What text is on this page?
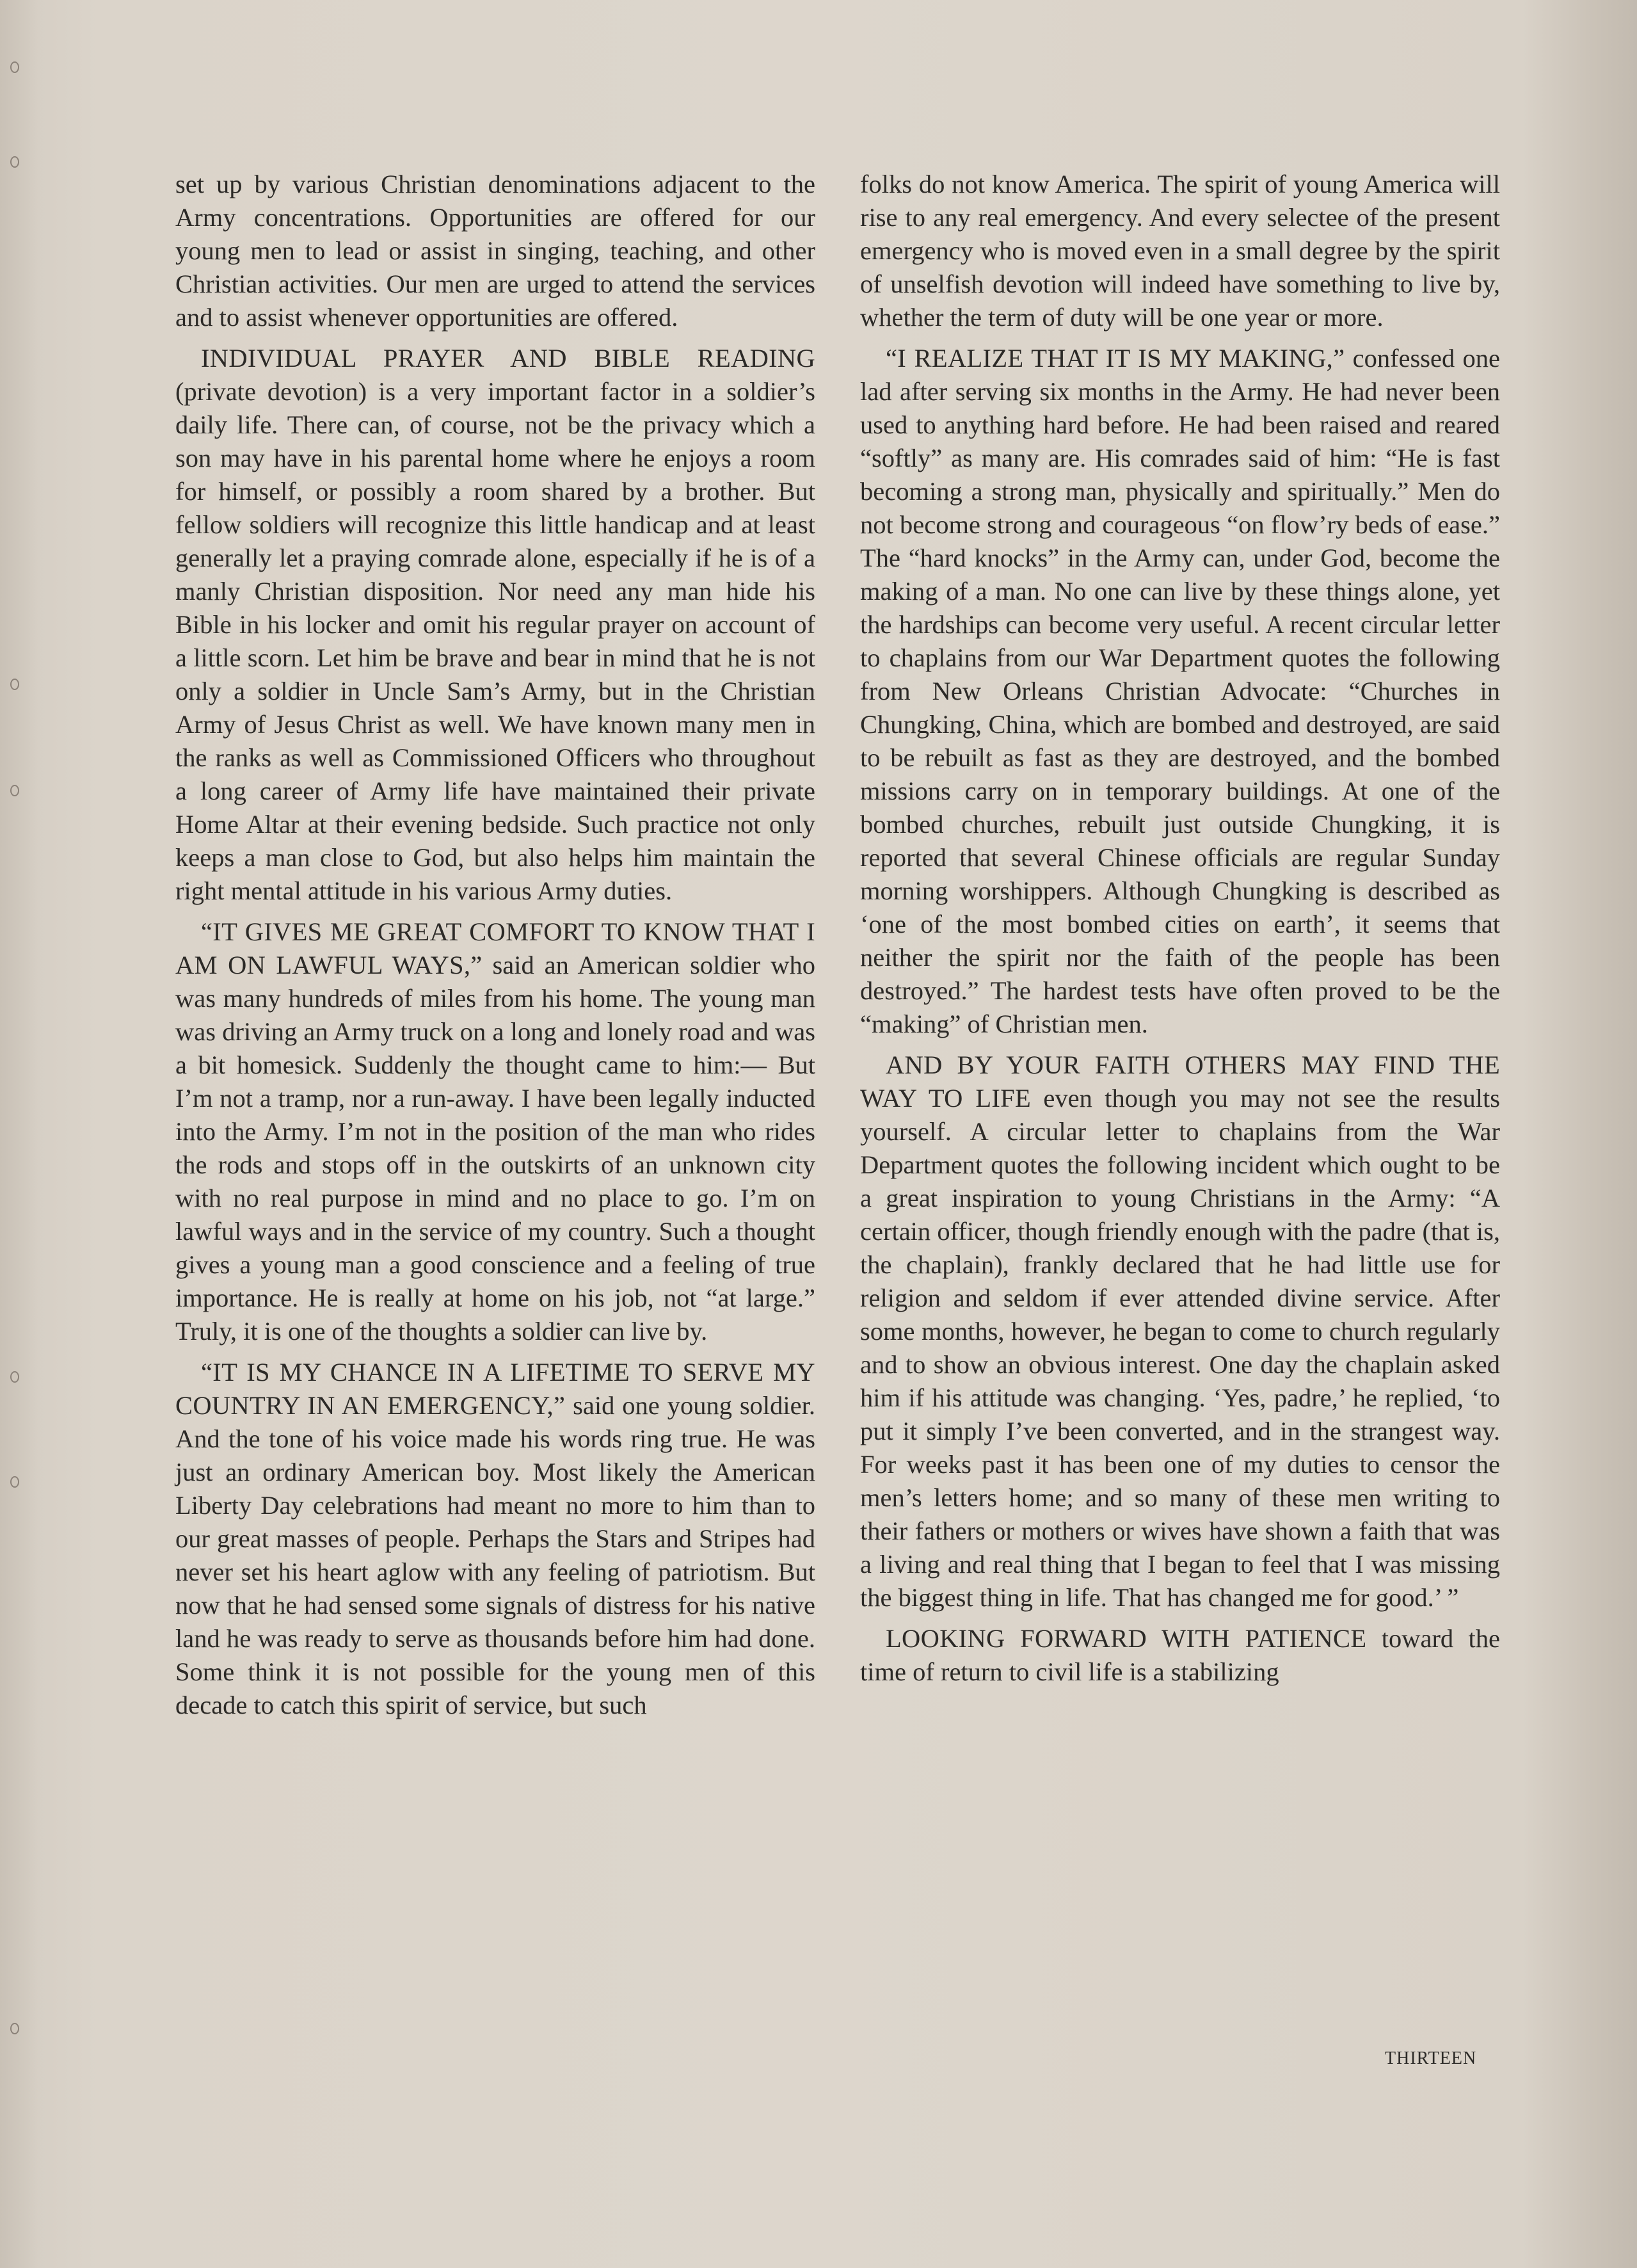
set up by various Christian denominations adjacent to the Army concentrations. Opportunities are offered for our young men to lead or assist in singing, teaching, and other Christian activities. Our men are urged to attend the services and to assist whenever opportunities are offered.

INDIVIDUAL PRAYER AND BIBLE READING (private devotion) is a very important factor in a soldier’s daily life. There can, of course, not be the privacy which a son may have in his parental home where he enjoys a room for himself, or possibly a room shared by a brother. But fellow soldiers will recognize this little handicap and at least generally let a praying comrade alone, especially if he is of a manly Christian disposition. Nor need any man hide his Bible in his locker and omit his regular prayer on account of a little scorn. Let him be brave and bear in mind that he is not only a soldier in Uncle Sam’s Army, but in the Christian Army of Jesus Christ as well. We have known many men in the ranks as well as Commissioned Officers who throughout a long career of Army life have maintained their private Home Altar at their evening bedside. Such practice not only keeps a man close to God, but also helps him maintain the right mental attitude in his various Army duties.

“IT GIVES ME GREAT COMFORT TO KNOW THAT I AM ON LAWFUL WAYS,” said an American soldier who was many hundreds of miles from his home. The young man was driving an Army truck on a long and lonely road and was a bit homesick. Suddenly the thought came to him:— But I’m not a tramp, nor a run-away. I have been legally inducted into the Army. I’m not in the position of the man who rides the rods and stops off in the outskirts of an unknown city with no real purpose in mind and no place to go. I’m on lawful ways and in the service of my country. Such a thought gives a young man a good conscience and a feeling of true importance. He is really at home on his job, not “at large.” Truly, it is one of the thoughts a soldier can live by.

“IT IS MY CHANCE IN A LIFETIME TO SERVE MY COUNTRY IN AN EMERGENCY,” said one young soldier. And the tone of his voice made his words ring true. He was just an ordinary American boy. Most likely the American Liberty Day celebrations had meant no more to him than to our great masses of people. Perhaps the Stars and Stripes had never set his heart aglow with any feeling of patriotism. But now that he had sensed some signals of distress for his native land he was ready to serve as thousands before him had done. Some think it is not possible for the young men of this decade to catch this spirit of service, but such

folks do not know America. The spirit of young America will rise to any real emergency. And every selectee of the present emergency who is moved even in a small degree by the spirit of unselfish devotion will indeed have something to live by, whether the term of duty will be one year or more.

“I REALIZE THAT IT IS MY MAKING,” confessed one lad after serving six months in the Army. He had never been used to anything hard before. He had been raised and reared “softly” as many are. His comrades said of him: “He is fast becoming a strong man, physically and spiritually.” Men do not become strong and courageous “on flow’ry beds of ease.” The “hard knocks” in the Army can, under God, become the making of a man. No one can live by these things alone, yet the hardships can become very useful. A recent circular letter to chaplains from our War Department quotes the following from New Orleans Christian Advocate: “Churches in Chungking, China, which are bombed and destroyed, are said to be rebuilt as fast as they are destroyed, and the bombed missions carry on in temporary buildings. At one of the bombed churches, rebuilt just outside Chungking, it is reported that several Chinese officials are regular Sunday morning worshippers. Although Chungking is described as ‘one of the most bombed cities on earth’, it seems that neither the spirit nor the faith of the people has been destroyed.” The hardest tests have often proved to be the “making” of Christian men.

AND BY YOUR FAITH OTHERS MAY FIND THE WAY TO LIFE even though you may not see the results yourself. A circular letter to chaplains from the War Department quotes the following incident which ought to be a great inspiration to young Christians in the Army: “A certain officer, though friendly enough with the padre (that is, the chaplain), frankly declared that he had little use for religion and seldom if ever attended divine service. After some months, however, he began to come to church regularly and to show an obvious interest. One day the chaplain asked him if his attitude was changing. ‘Yes, padre,’ he replied, ‘to put it simply I’ve been converted, and in the strangest way. For weeks past it has been one of my duties to censor the men’s letters home; and so many of these men writing to their fathers or mothers or wives have shown a faith that was a living and real thing that I began to feel that I was missing the biggest thing in life. That has changed me for good.’ ”

LOOKING FORWARD WITH PATIENCE toward the time of return to civil life is a stabilizing

THIRTEEN
